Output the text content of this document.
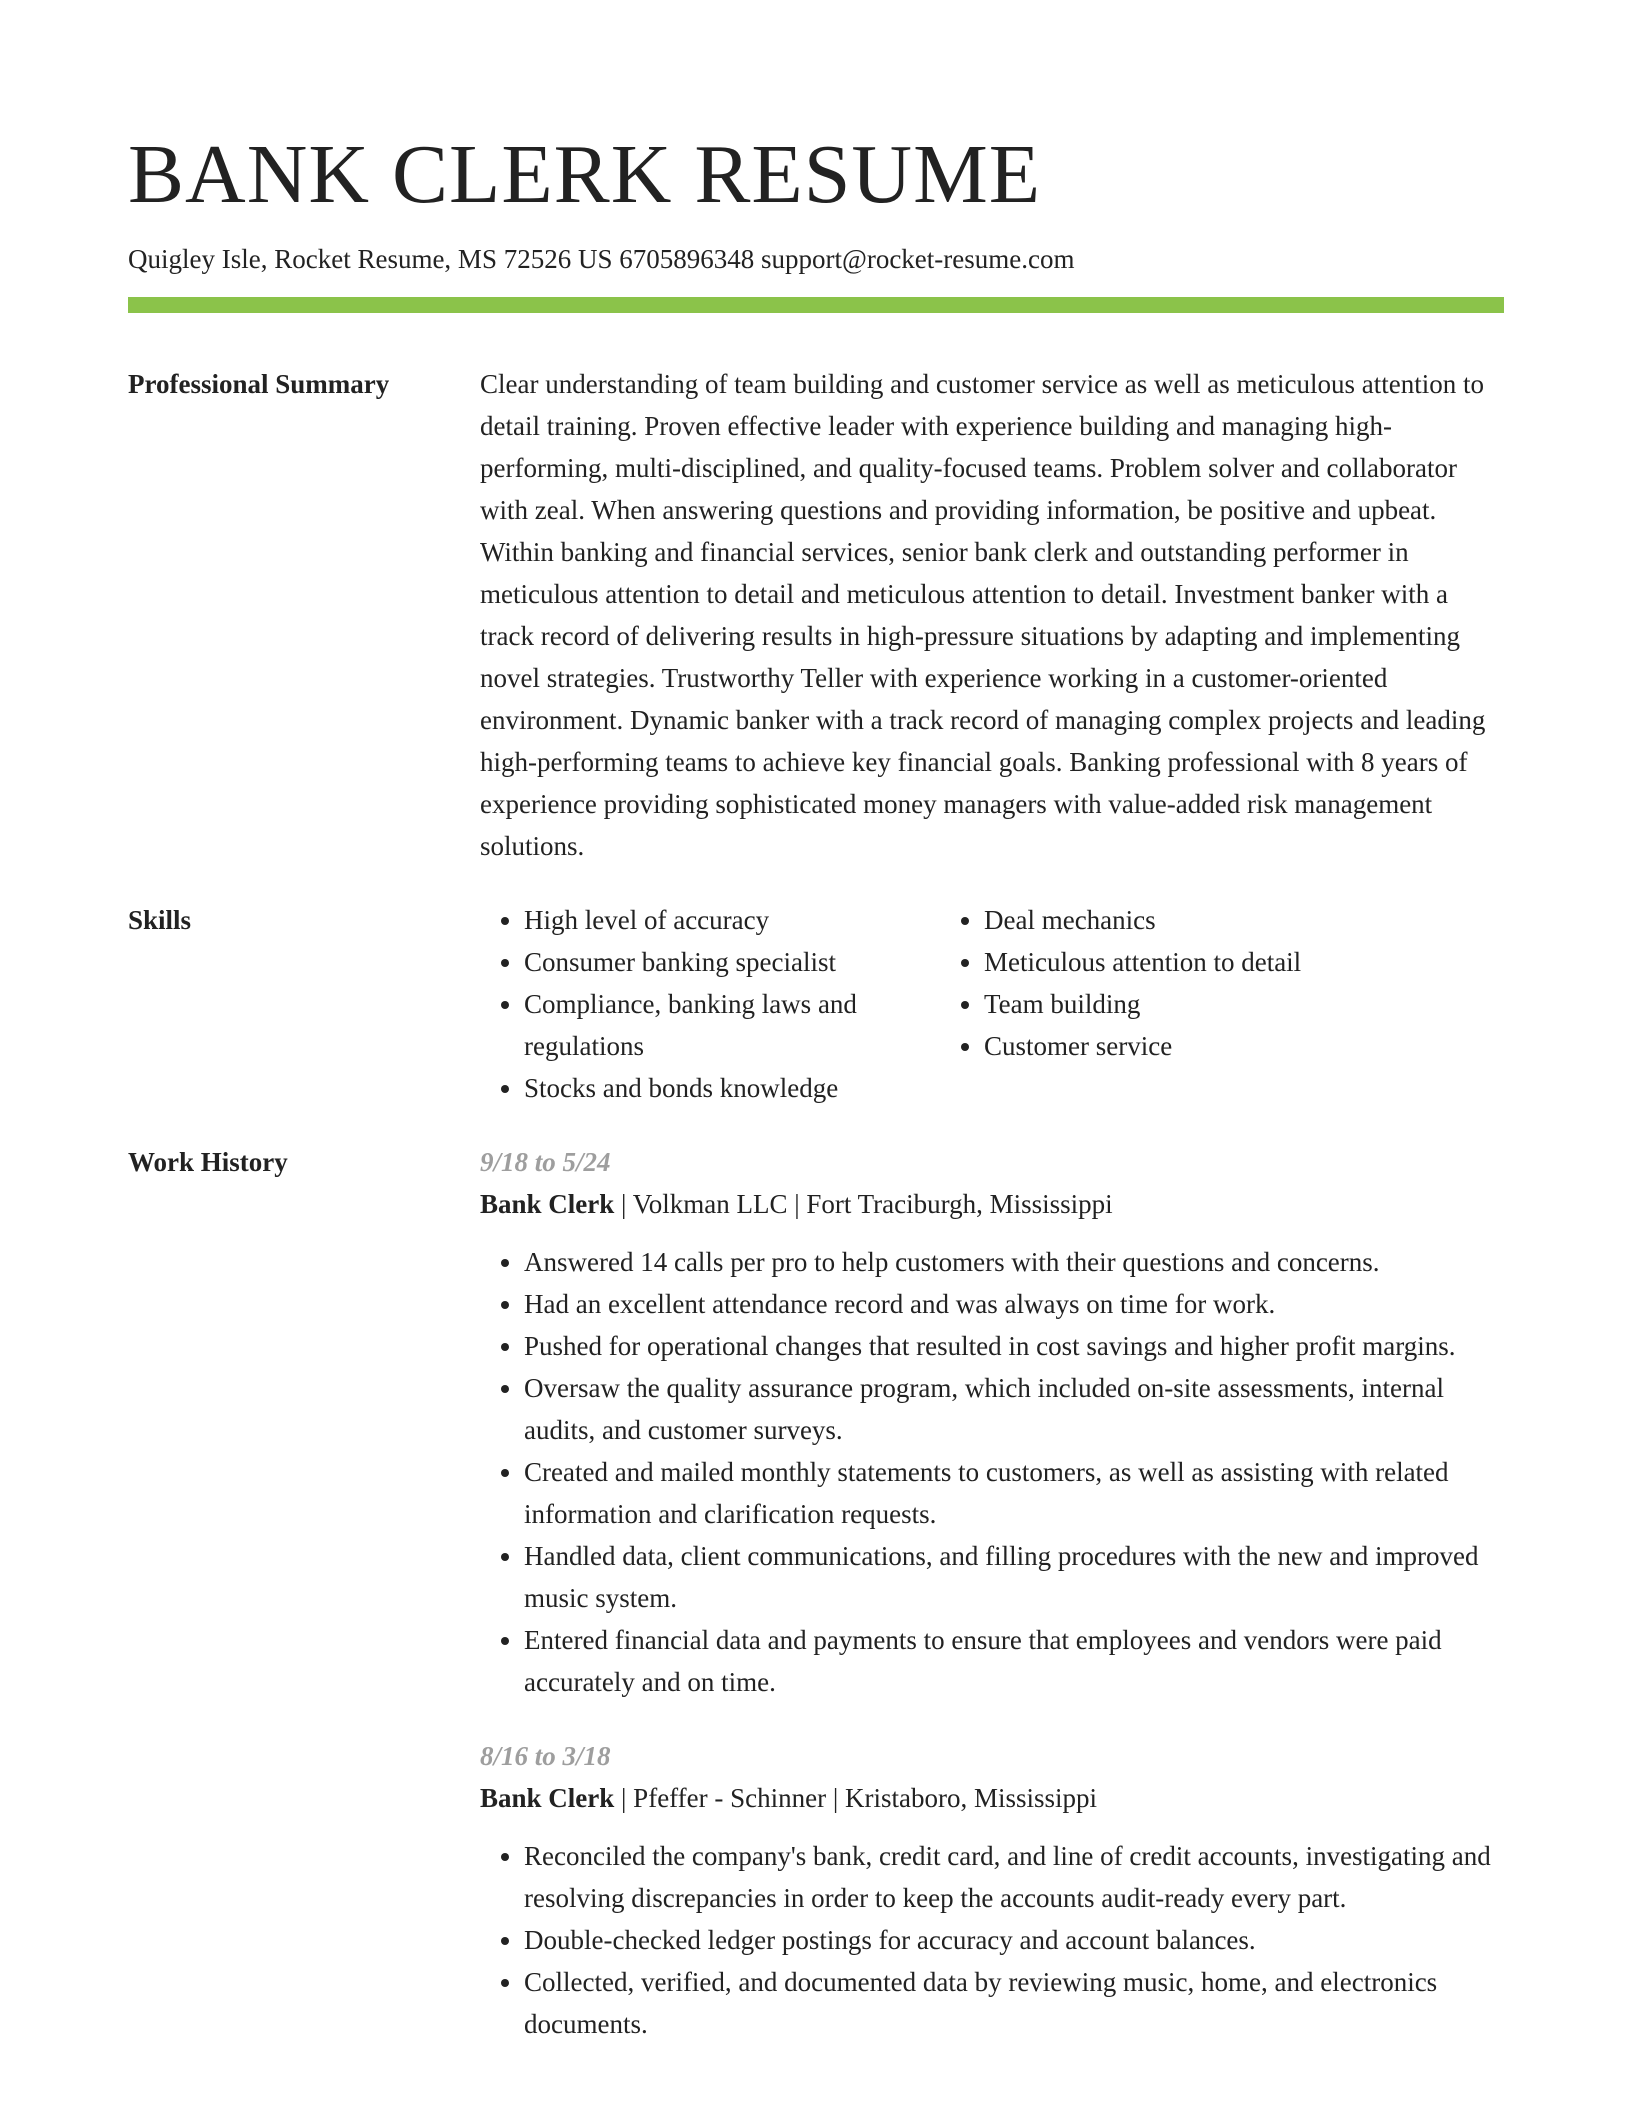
BANK CLERK RESUME
Quigley Isle, Rocket Resume, MS 72526 US 6705896348 support@rocket-resume.com
Professional Summary	Clear understanding of team building and customer service as well as meticulous attention to detail training. Proven effective leader with experience building and managing high-performing, multi-disciplined, and quality-focused teams. Problem solver and collaborator with zeal. When answering questions and providing information, be positive and upbeat. Within banking and financial services, senior bank clerk and outstanding performer in meticulous attention to detail and meticulous attention to detail. Investment banker with a track record of delivering results in high-pressure situations by adapting and implementing novel strategies. Trustworthy Teller with experience working in a customer-oriented environment. Dynamic banker with a track record of managing complex projects and leading high-performing teams to achieve key financial goals. Banking professional with 8 years of experience providing sophisticated money managers with value-added risk management solutions.
Skills
•	High level of accuracy
• Consumer banking specialist
• Compliance, banking laws and regulations
• Stocks and bonds knowledge
• Deal mechanics
• Meticulous attention to detail
• Team building
• Customer service
Work History	9/18 to 5/24
Bank Clerk | Volkman LLC | Fort Traciburgh, Mississippi
• Answered 14 calls per pro to help customers with their questions and concerns.
• Had an excellent attendance record and was always on time for work.
• Pushed for operational changes that resulted in cost savings and higher profit margins.
• Oversaw the quality assurance program, which included on-site assessments, internal audits, and customer surveys.
• Created and mailed monthly statements to customers, as well as assisting with related information and clarification requests.
• Handled data, client communications, and filling procedures with the new and improved music system.
• Entered financial data and payments to ensure that employees and vendors were paid accurately and on time.
8/16 to 3/18
Bank Clerk | Pfeffer - Schinner | Kristaboro, Mississippi
• Reconciled the company's bank, credit card, and line of credit accounts, investigating and resolving discrepancies in order to keep the accounts audit-ready every part.
• Double-checked ledger postings for accuracy and account balances.
• Collected, verified, and documented data by reviewing music, home, and electronics documents.
